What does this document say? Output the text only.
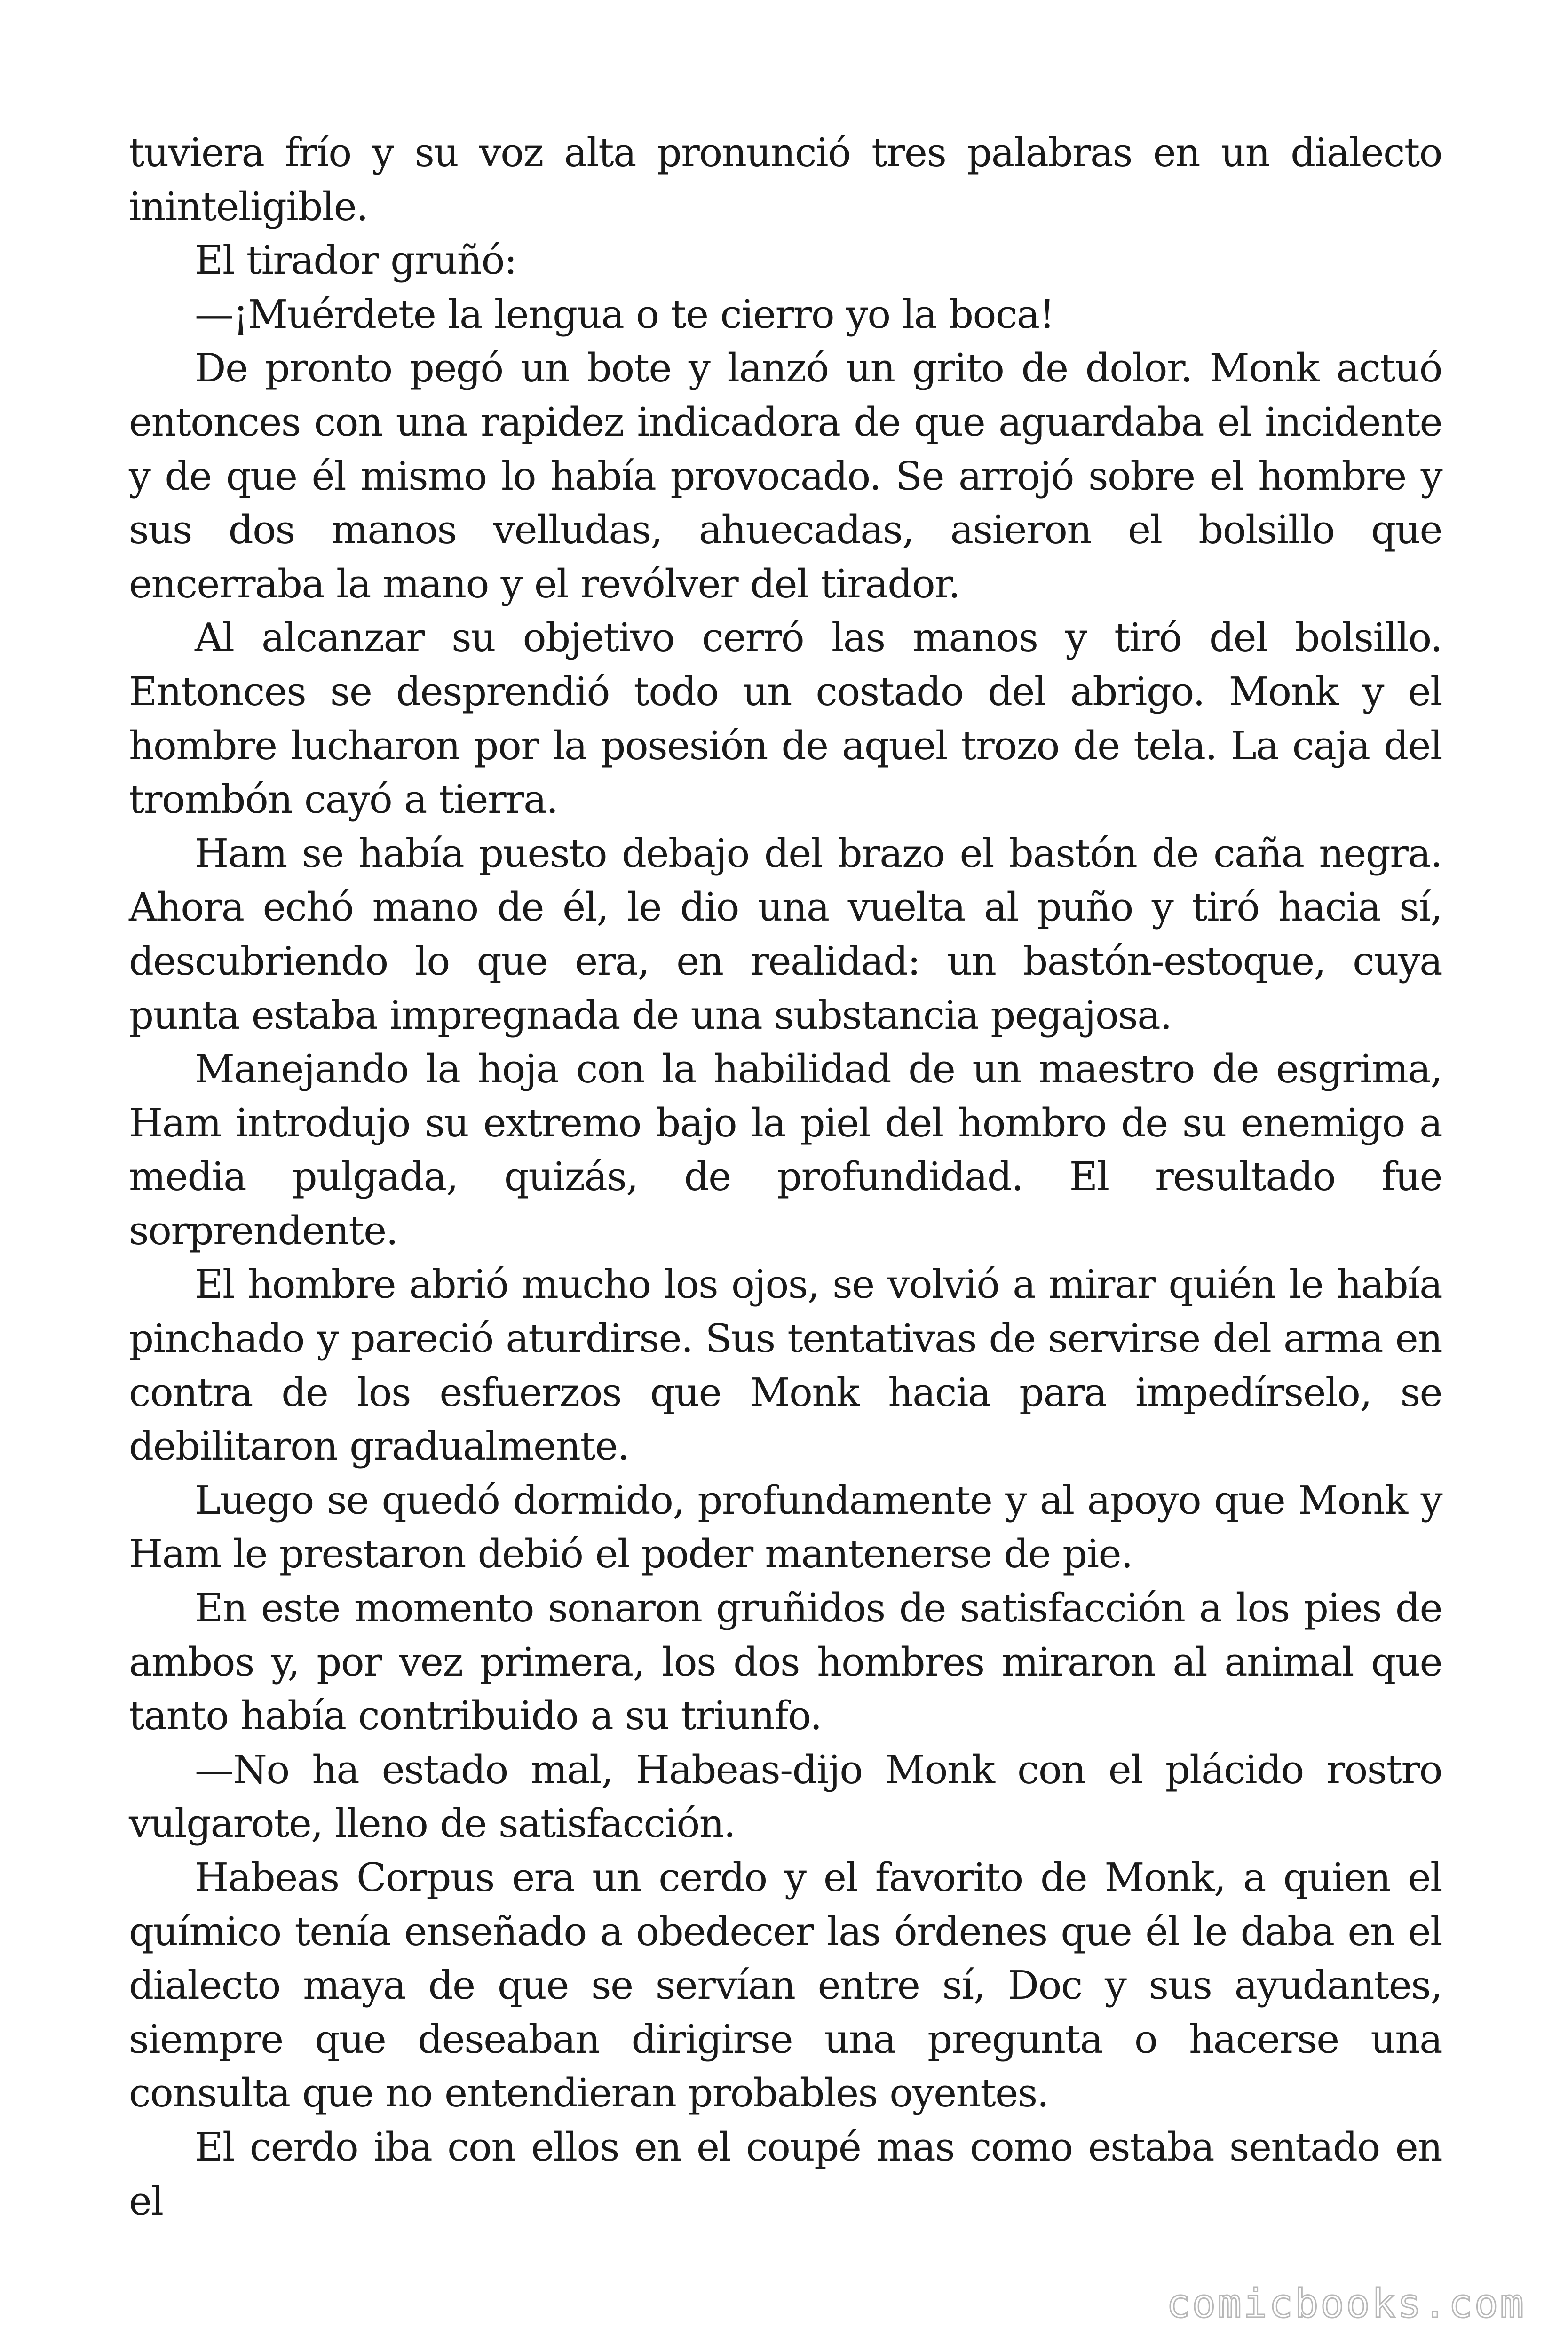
tuviera frío y su voz alta pronunció tres palabras en un dialecto ininteligible.

El tirador gruñó:

—¡Muérdete la lengua o te cierro yo la boca!

De pronto pegó un bote y lanzó un grito de dolor. Monk actuó entonces con una rapidez indicadora de que aguardaba el incidente y de que él mismo lo había provocado. Se arrojó sobre el hombre y sus dos manos velludas, ahuecadas, asieron el bolsillo que encerraba la mano y el revólver del tirador.

Al alcanzar su objetivo cerró las manos y tiró del bolsillo. Entonces se desprendió todo un costado del abrigo. Monk y el hombre lucharon por la posesión de aquel trozo de tela. La caja del trombón cayó a tierra.

Ham se había puesto debajo del brazo el bastón de caña negra. Ahora echó mano de él, le dio una vuelta al puño y tiró hacia sí, descubriendo lo que era, en realidad: un bastón-estoque, cuya punta estaba impregnada de una substancia pegajosa.

Manejando la hoja con la habilidad de un maestro de esgrima, Ham introdujo su extremo bajo la piel del hombro de su enemigo a media pulgada, quizás, de profundidad. El resultado fue sorprendente.

El hombre abrió mucho los ojos, se volvió a mirar quién le había pinchado y pareció aturdirse. Sus tentativas de servirse del arma en contra de los esfuerzos que Monk hacia para impedírselo, se debilitaron gradualmente.

Luego se quedó dormido, profundamente y al apoyo que Monk y Ham le prestaron debió el poder mantenerse de pie.

En este momento sonaron gruñidos de satisfacción a los pies de ambos y, por vez primera, los dos hombres miraron al animal que tanto había contribuido a su triunfo.

—No ha estado mal, Habeas-dijo Monk con el plácido rostro vulgarote, lleno de satisfacción.

Habeas Corpus era un cerdo y el favorito de Monk, a quien el químico tenía enseñado a obedecer las órdenes que él le daba en el dialecto maya de que se servían entre sí, Doc y sus ayudantes, siempre que deseaban dirigirse una pregunta o hacerse una consulta que no entendieran probables oyentes.

El cerdo iba con ellos en el coupé mas como estaba sentado en el

comicbooks.com
